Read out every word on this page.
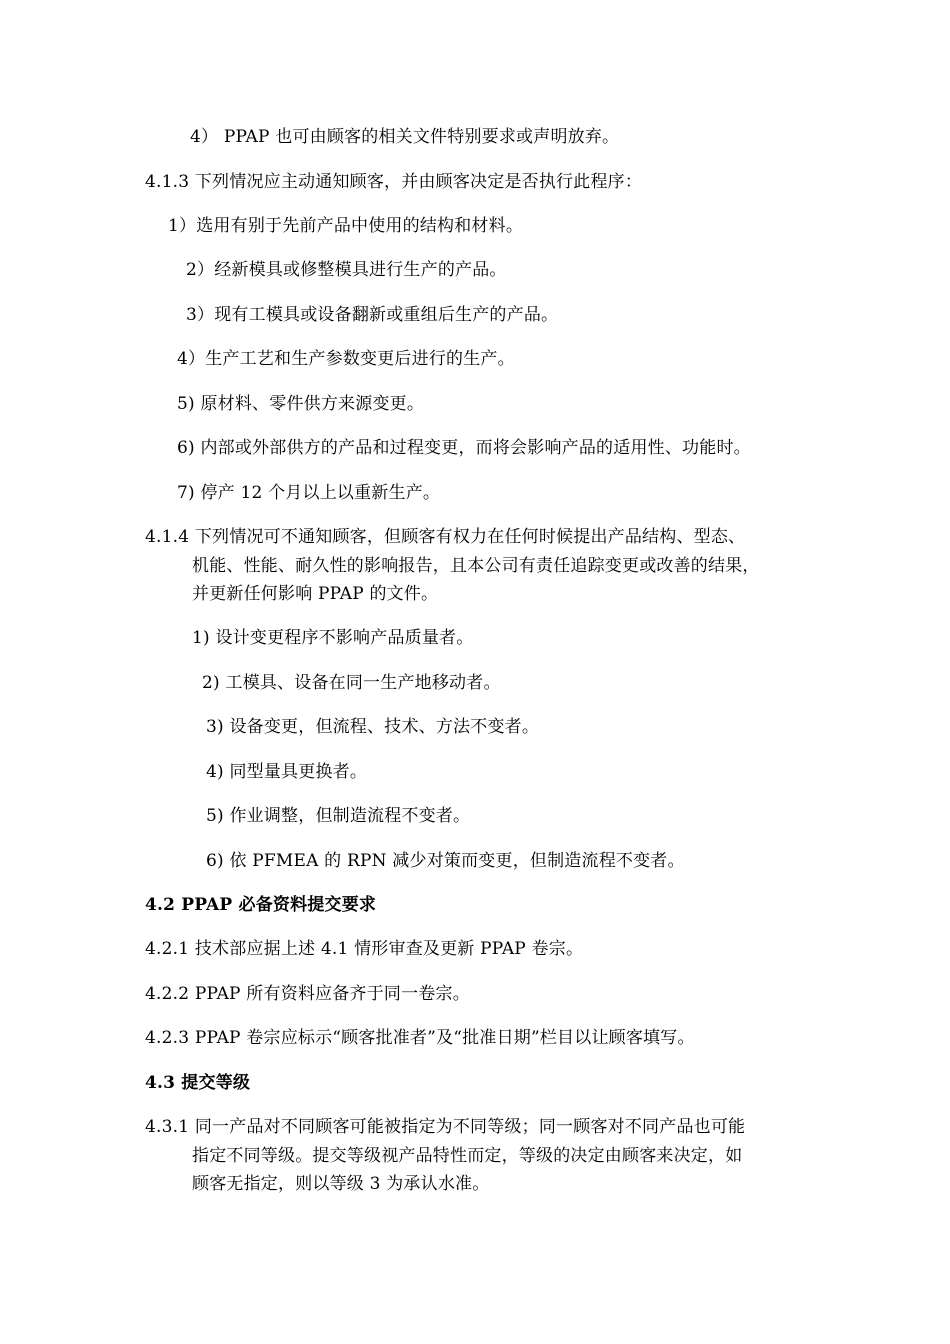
4） PPAP 也可由顾客的相关文件特别要求或声明放弃。
4.1.3 下列情况应主动通知顾客，并由顾客决定是否执行此程序：
1）选用有别于先前产品中使用的结构和材料。
2）经新模具或修整模具进行生产的产品。
3）现有工模具或设备翻新或重组后生产的产品。
4）生产工艺和生产参数变更后进行的生产。
5) 原材料、零件供方来源变更。
6) 内部或外部供方的产品和过程变更，而将会影响产品的适用性、功能时。
7) 停产 12 个月以上以重新生产。
4.1.4 下列情况可不通知顾客，但顾客有权力在任何时候提出产品结构、型态、
机能、性能、耐久性的影响报告，且本公司有责任追踪变更或改善的结果，
并更新任何影响 PPAP 的文件。
1) 设计变更程序不影响产品质量者。
2) 工模具、设备在同一生产地移动者。
3) 设备变更，但流程、技术、方法不变者。
4) 同型量具更换者。
5) 作业调整，但制造流程不变者。
6) 依 PFMEA 的 RPN 减少对策而变更，但制造流程不变者。
4.2 PPAP 必备资料提交要求
4.2.1 技术部应据上述 4.1 情形审查及更新 PPAP 卷宗。
4.2.2 PPAP 所有资料应备齐于同一卷宗。
4.2.3 PPAP 卷宗应标示“顾客批准者”及“批准日期”栏目以让顾客填写。
4.3 提交等级
4.3.1 同一产品对不同顾客可能被指定为不同等级；同一顾客对不同产品也可能
指定不同等级。提交等级视产品特性而定，等级的决定由顾客来决定，如
顾客无指定，则以等级 3 为承认水准。
